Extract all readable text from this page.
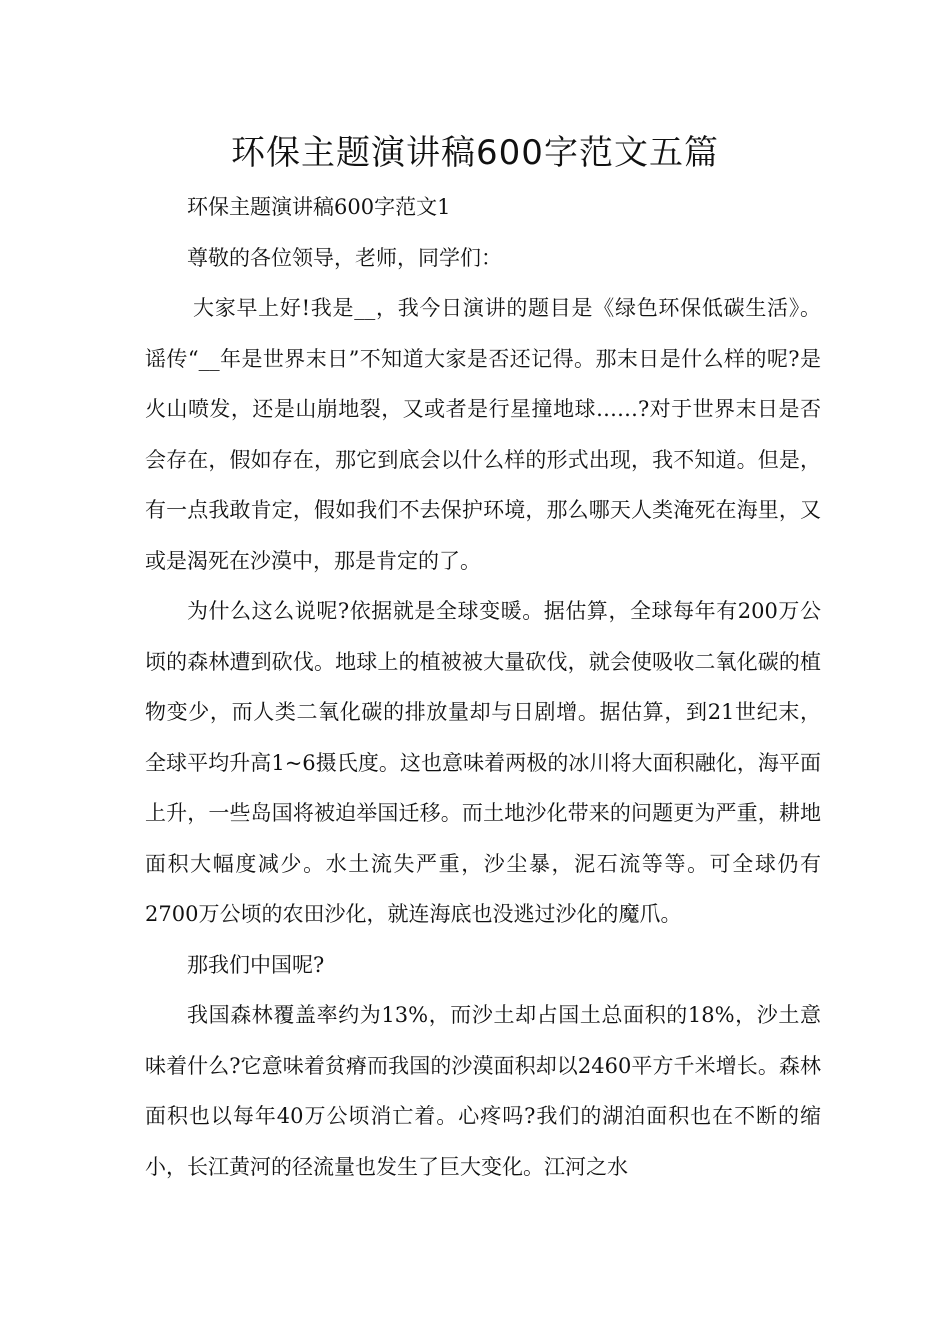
环保主题演讲稿600字范文五篇

环保主题演讲稿600字范文1

尊敬的各位领导，老师，同学们：

大家早上好!我是__，我今日演讲的题目是《绿色环保低碳生活》。 谣传“__年是世界末日”不知道大家是否还记得。那末日是什么样的呢?是火山喷发，还是山崩地裂，又或者是行星撞地球……?对于世界末日是否会存在，假如存在，那它到底会以什么样的形式出现，我不知道。但是，有一点我敢肯定，假如我们不去保护环境，那么哪天人类淹死在海里，又或是渴死在沙漠中，那是肯定的了。

为什么这么说呢?依据就是全球变暖。据估算，全球每年有200万公顷的森林遭到砍伐。地球上的植被被大量砍伐，就会使吸收二氧化碳的植物变少，而人类二氧化碳的排放量却与日剧增。据估算，到21世纪末，全球平均升高1~6摄氏度。这也意味着两极的冰川将大面积融化，海平面上升，一些岛国将被迫举国迁移。而土地沙化带来的问题更为严重，耕地面积大幅度减少。水土流失严重，沙尘暴，泥石流等等。可全球仍有2700万公顷的农田沙化，就连海底也没逃过沙化的魔爪。

那我们中国呢?

我国森林覆盖率约为13%，而沙土却占国土总面积的18%，沙土意味着什么?它意味着贫瘠而我国的沙漠面积却以2460平方千米增长。森林面积也以每年40万公顷消亡着。心疼吗?我们的湖泊面积也在不断的缩小，长江黄河的径流量也发生了巨大变化。江河之水
